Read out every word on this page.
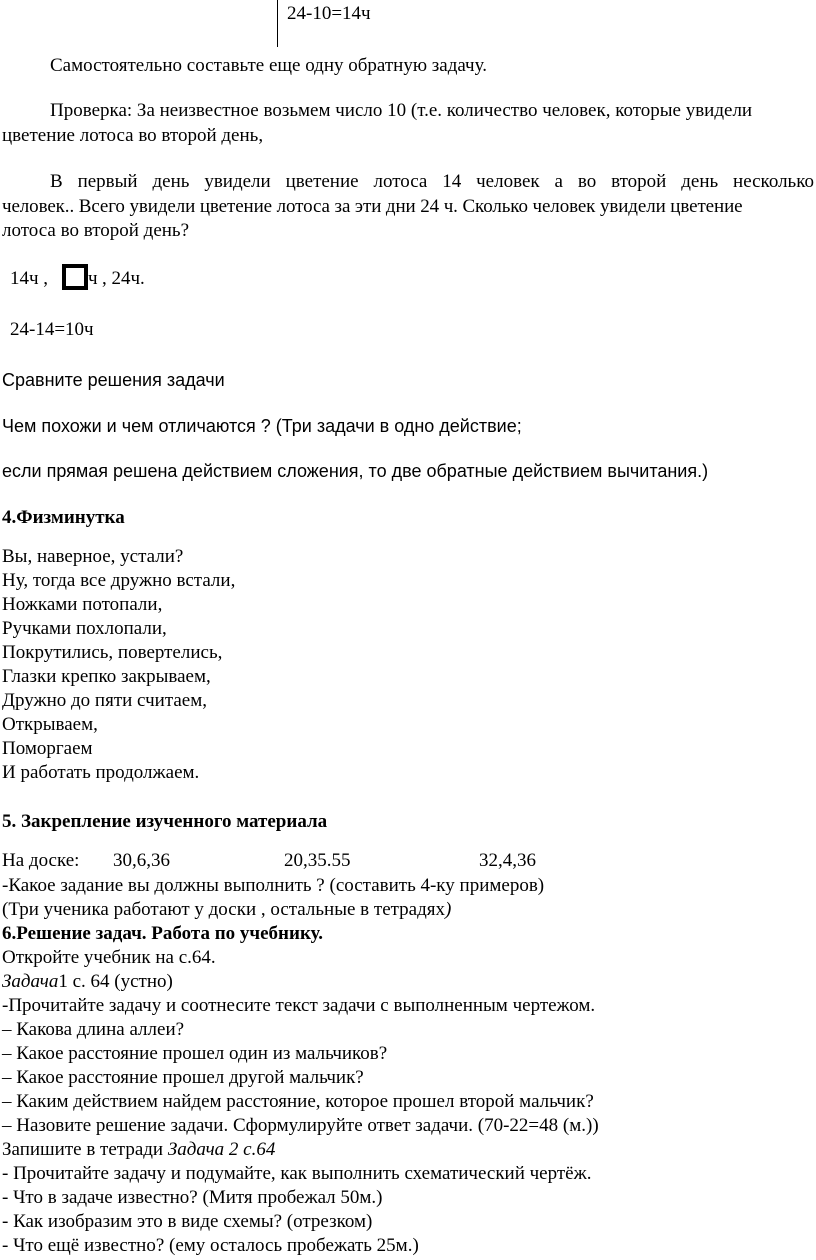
24-10=14ч
Самостоятельно составьте еще одну обратную задачу.
Проверка: За неизвестное возьмем число 10 (т.е. количество человек, которые увидели
цветение лотоса во второй день,
В первый день увидели цветение лотоса 14 человек а во второй день несколько
человек.. Всего увидели цветение лотоса за эти дни 24 ч. Сколько человек увидели цветение
лотоса во второй день?
14ч , ч , 24ч.
24-14=10ч
Сравните решения задачи
Чем похожи и чем отличаются ? (Три задачи в одно действие;
если прямая решена действием сложения, то две обратные действием вычитания.)
4.Физминутка
Вы, наверное, устали?
Ну, тогда все дружно встали,
Ножками потопали,
Ручками похлопали,
Покрутились, повертелись,
Глазки крепко закрываем,
Дружно до пяти считаем,
Открываем,
Поморгаем
И работать продолжаем.
5. Закрепление изученного материала
На доске: 30,6,36	20,35.55	32,4,36
-Какое задание вы должны выполнить ? (составить 4-ку примеров)
(Три ученика работают у доски , остальные в тетрадях)
6.Решение задач. Работа по учебнику.
Откройте учебник на с.64.
Задача1 с. 64 (устно)
-Прочитайте задачу и соотнесите текст задачи с выполненным чертежом.
– Какова длина аллеи?
– Какое расстояние прошел один из мальчиков?
– Какое расстояние прошел другой мальчик?
– Каким действием найдем расстояние, которое прошел второй мальчик?
– Назовите решение задачи. Сформулируйте ответ задачи. (70-22=48 (м.))
Запишите в тетради Задача 2 с.64
- Прочитайте задачу и подумайте, как выполнить схематический чертёж.
- Что в задаче известно? (Митя пробежал 50м.)
- Как изобразим это в виде схемы? (отрезком)
- Что ещё известно? (ему осталось пробежать 25м.)
